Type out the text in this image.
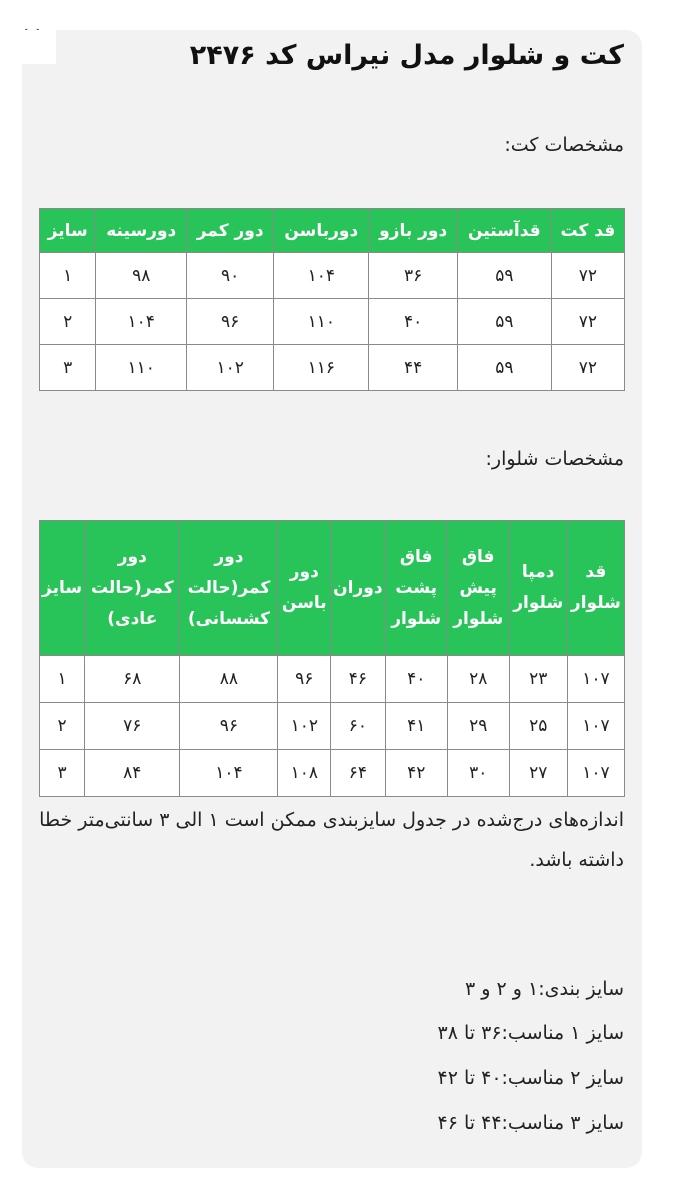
کت و شلوار مدل نیراس کد ۲۴۷۶
مشخصات کت:
قد کت	قدآستین	دور بازو	دورباسن	دور کمر	دورسینه	سایز
۷۲	۵۹	۳۶	۱۰۴	۹۰	۹۸	۱
۷۲	۵۹	۴۰	۱۱۰	۹۶	۱۰۴	۲
۷۲	۵۹	۴۴	۱۱۶	۱۰۲	۱۱۰	۳
مشخصات شلوار:
قد شلوار	دمپا شلوار	فاق پیش شلوار	فاق پشت شلوار	دوران	دور باسن	دور کمر(حالت کشسانی)	دور کمر(حالت عادی)	سایز
۱۰۷	۲۳	۲۸	۴۰	۴۶	۹۶	۸۸	۶۸	۱
۱۰۷	۲۵	۲۹	۴۱	۶۰	۱۰۲	۹۶	۷۶	۲
۱۰۷	۲۷	۳۰	۴۲	۶۴	۱۰۸	۱۰۴	۸۴	۳
اندازه‌های درج‌شده در جدول سایزبندی ممکن است ۱ الی ۳ سانتی‌متر خطا داشته باشد.
سایز بندی:۱ و ۲ و ۳
سایز ۱ مناسب:۳۶ تا ۳۸
سایز ۲ مناسب:۴۰ تا ۴۲
سایز ۳ مناسب:۴۴ تا ۴۶
